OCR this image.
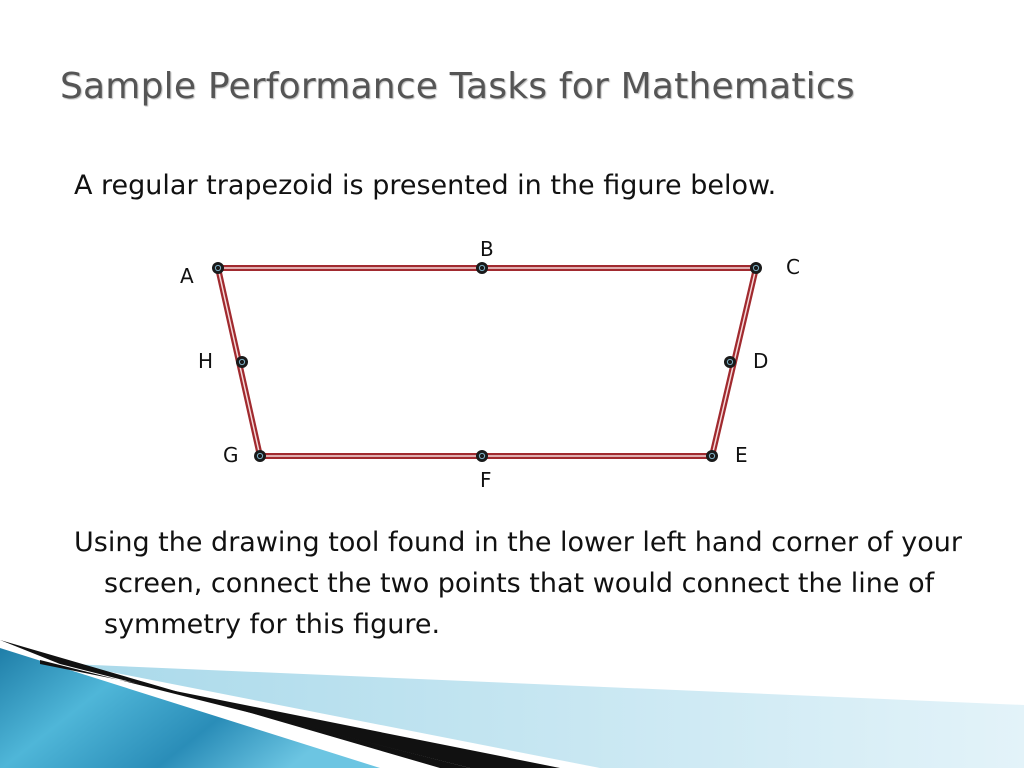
Sample Performance Tasks for Mathematics

A regular trapezoid is presented in the figure below.

A
B
C
D
E
F
G
H

Using the drawing tool found in the lower left hand corner of your screen, connect the two points that would connect the line of symmetry for this figure.
